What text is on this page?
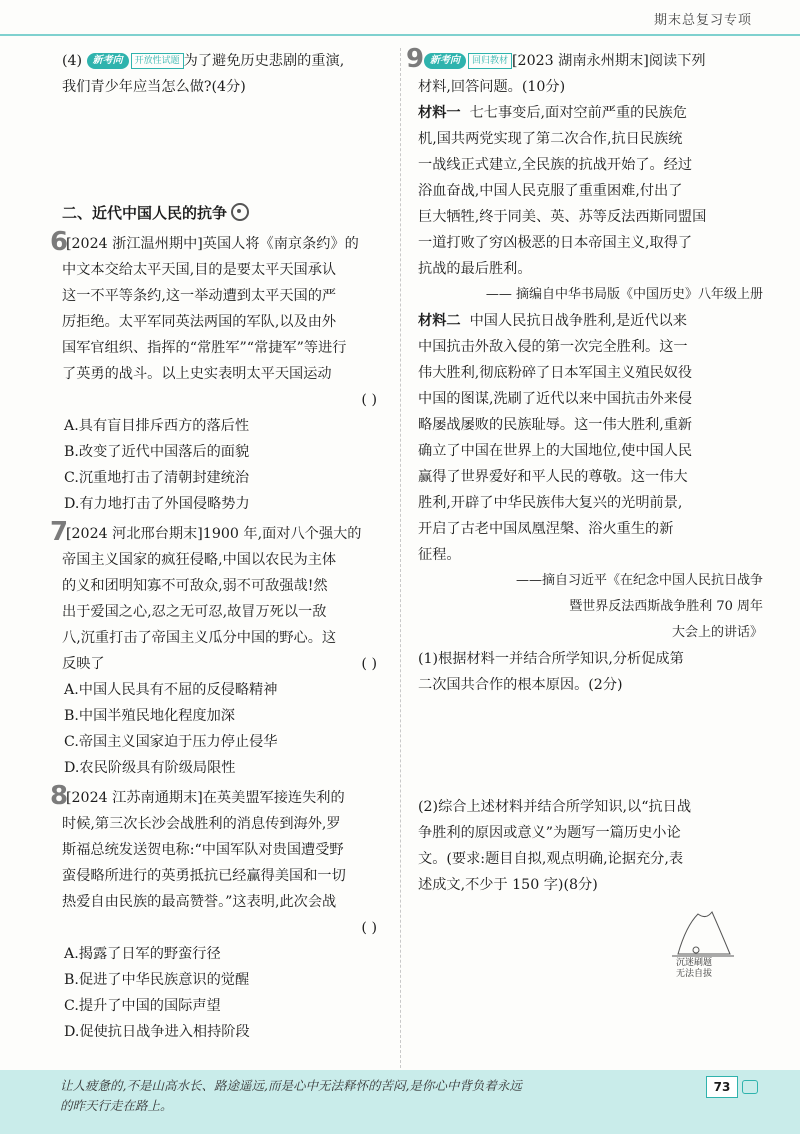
期末总复习专项
(4) 新考向 开放性试题 为了避免历史悲剧的重演,
我们青少年应当怎么做?(4分)
二、近代中国人民的抗争
6
[2024 浙江温州期中]英国人将《南京条约》的
中文本交给太平天国,目的是要太平天国承认
这一不平等条约,这一举动遭到太平天国的严
厉拒绝。太平军同英法两国的军队,以及由外
国军官组织、指挥的“常胜军”“常捷军”等进行
了英勇的战斗。以上史实表明太平天国运动
( )
A.具有盲目排斥西方的落后性
B.改变了近代中国落后的面貌
C.沉重地打击了清朝封建统治
D.有力地打击了外国侵略势力
7
[2024 河北邢台期末]1900 年,面对八个强大的
帝国主义国家的疯狂侵略,中国以农民为主体
的义和团明知寡不可敌众,弱不可敌强哉!然
出于爱国之心,忍之无可忍,故冒万死以一敌
八,沉重打击了帝国主义瓜分中国的野心。这
反映了	( )
A.中国人民具有不屈的反侵略精神
B.中国半殖民地化程度加深
C.帝国主义国家迫于压力停止侵华
D.农民阶级具有阶级局限性
8
[2024 江苏南通期末]在英美盟军接连失利的
时候,第三次长沙会战胜利的消息传到海外,罗
斯福总统发送贺电称:“中国军队对贵国遭受野
蛮侵略所进行的英勇抵抗已经赢得美国和一切
热爱自由民族的最高赞誉。”这表明,此次会战
( )
A.揭露了日军的野蛮行径
B.促进了中华民族意识的觉醒
C.提升了中国的国际声望
D.促使抗日战争进入相持阶段
9 新考向 回归教材 [2023 湖南永州期末]阅读下列
材料,回答问题。(10分)
材料一 七七事变后,面对空前严重的民族危
机,国共两党实现了第二次合作,抗日民族统
一战线正式建立,全民族的抗战开始了。经过
浴血奋战,中国人民克服了重重困难,付出了
巨大牺牲,终于同美、英、苏等反法西斯同盟国
一道打败了穷凶极恶的日本帝国主义,取得了
抗战的最后胜利。
—— 摘编自中华书局版《中国历史》八年级上册
材料二 中国人民抗日战争胜利,是近代以来
中国抗击外敌入侵的第一次完全胜利。这一
伟大胜利,彻底粉碎了日本军国主义殖民奴役
中国的图谋,洗刷了近代以来中国抗击外来侵
略屡战屡败的民族耻辱。这一伟大胜利,重新
确立了中国在世界上的大国地位,使中国人民
赢得了世界爱好和平人民的尊敬。这一伟大
胜利,开辟了中华民族伟大复兴的光明前景,
开启了古老中国凤凰涅槃、浴火重生的新
征程。
——摘自习近平《在纪念中国人民抗日战争
暨世界反法西斯战争胜利 70 周年
大会上的讲话》
(1)根据材料一并结合所学知识,分析促成第
二次国共合作的根本原因。(2分)
(2)综合上述材料并结合所学知识,以“抗日战
争胜利的原因或意义”为题写一篇历史小论
文。(要求:题目自拟,观点明确,论据充分,表
述成文,不少于 150 字)(8分)
沉迷刷题
无法自拔
让人疲惫的,不是山高水长、路途遥远,而是心中无法释怀的苦闷,是你心中背负着永远
的昨天行走在路上。
73
